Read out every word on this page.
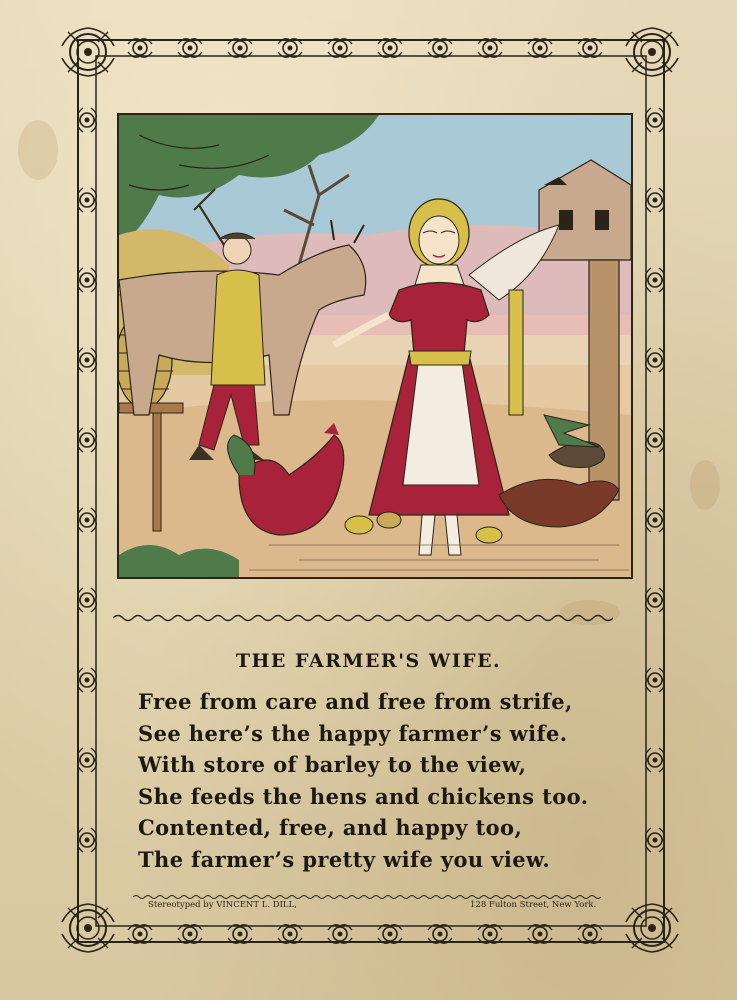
THE FARMER'S WIFE.
Free from care and free from strife,
See here’s the happy farmer’s wife.
With store of barley to the view,
She feeds the hens and chickens too.
Contented, free, and happy too,
The farmer’s pretty wife you view.
Stereotyped by VINCENT L. DILL,	128 Fulton Street, New York.
